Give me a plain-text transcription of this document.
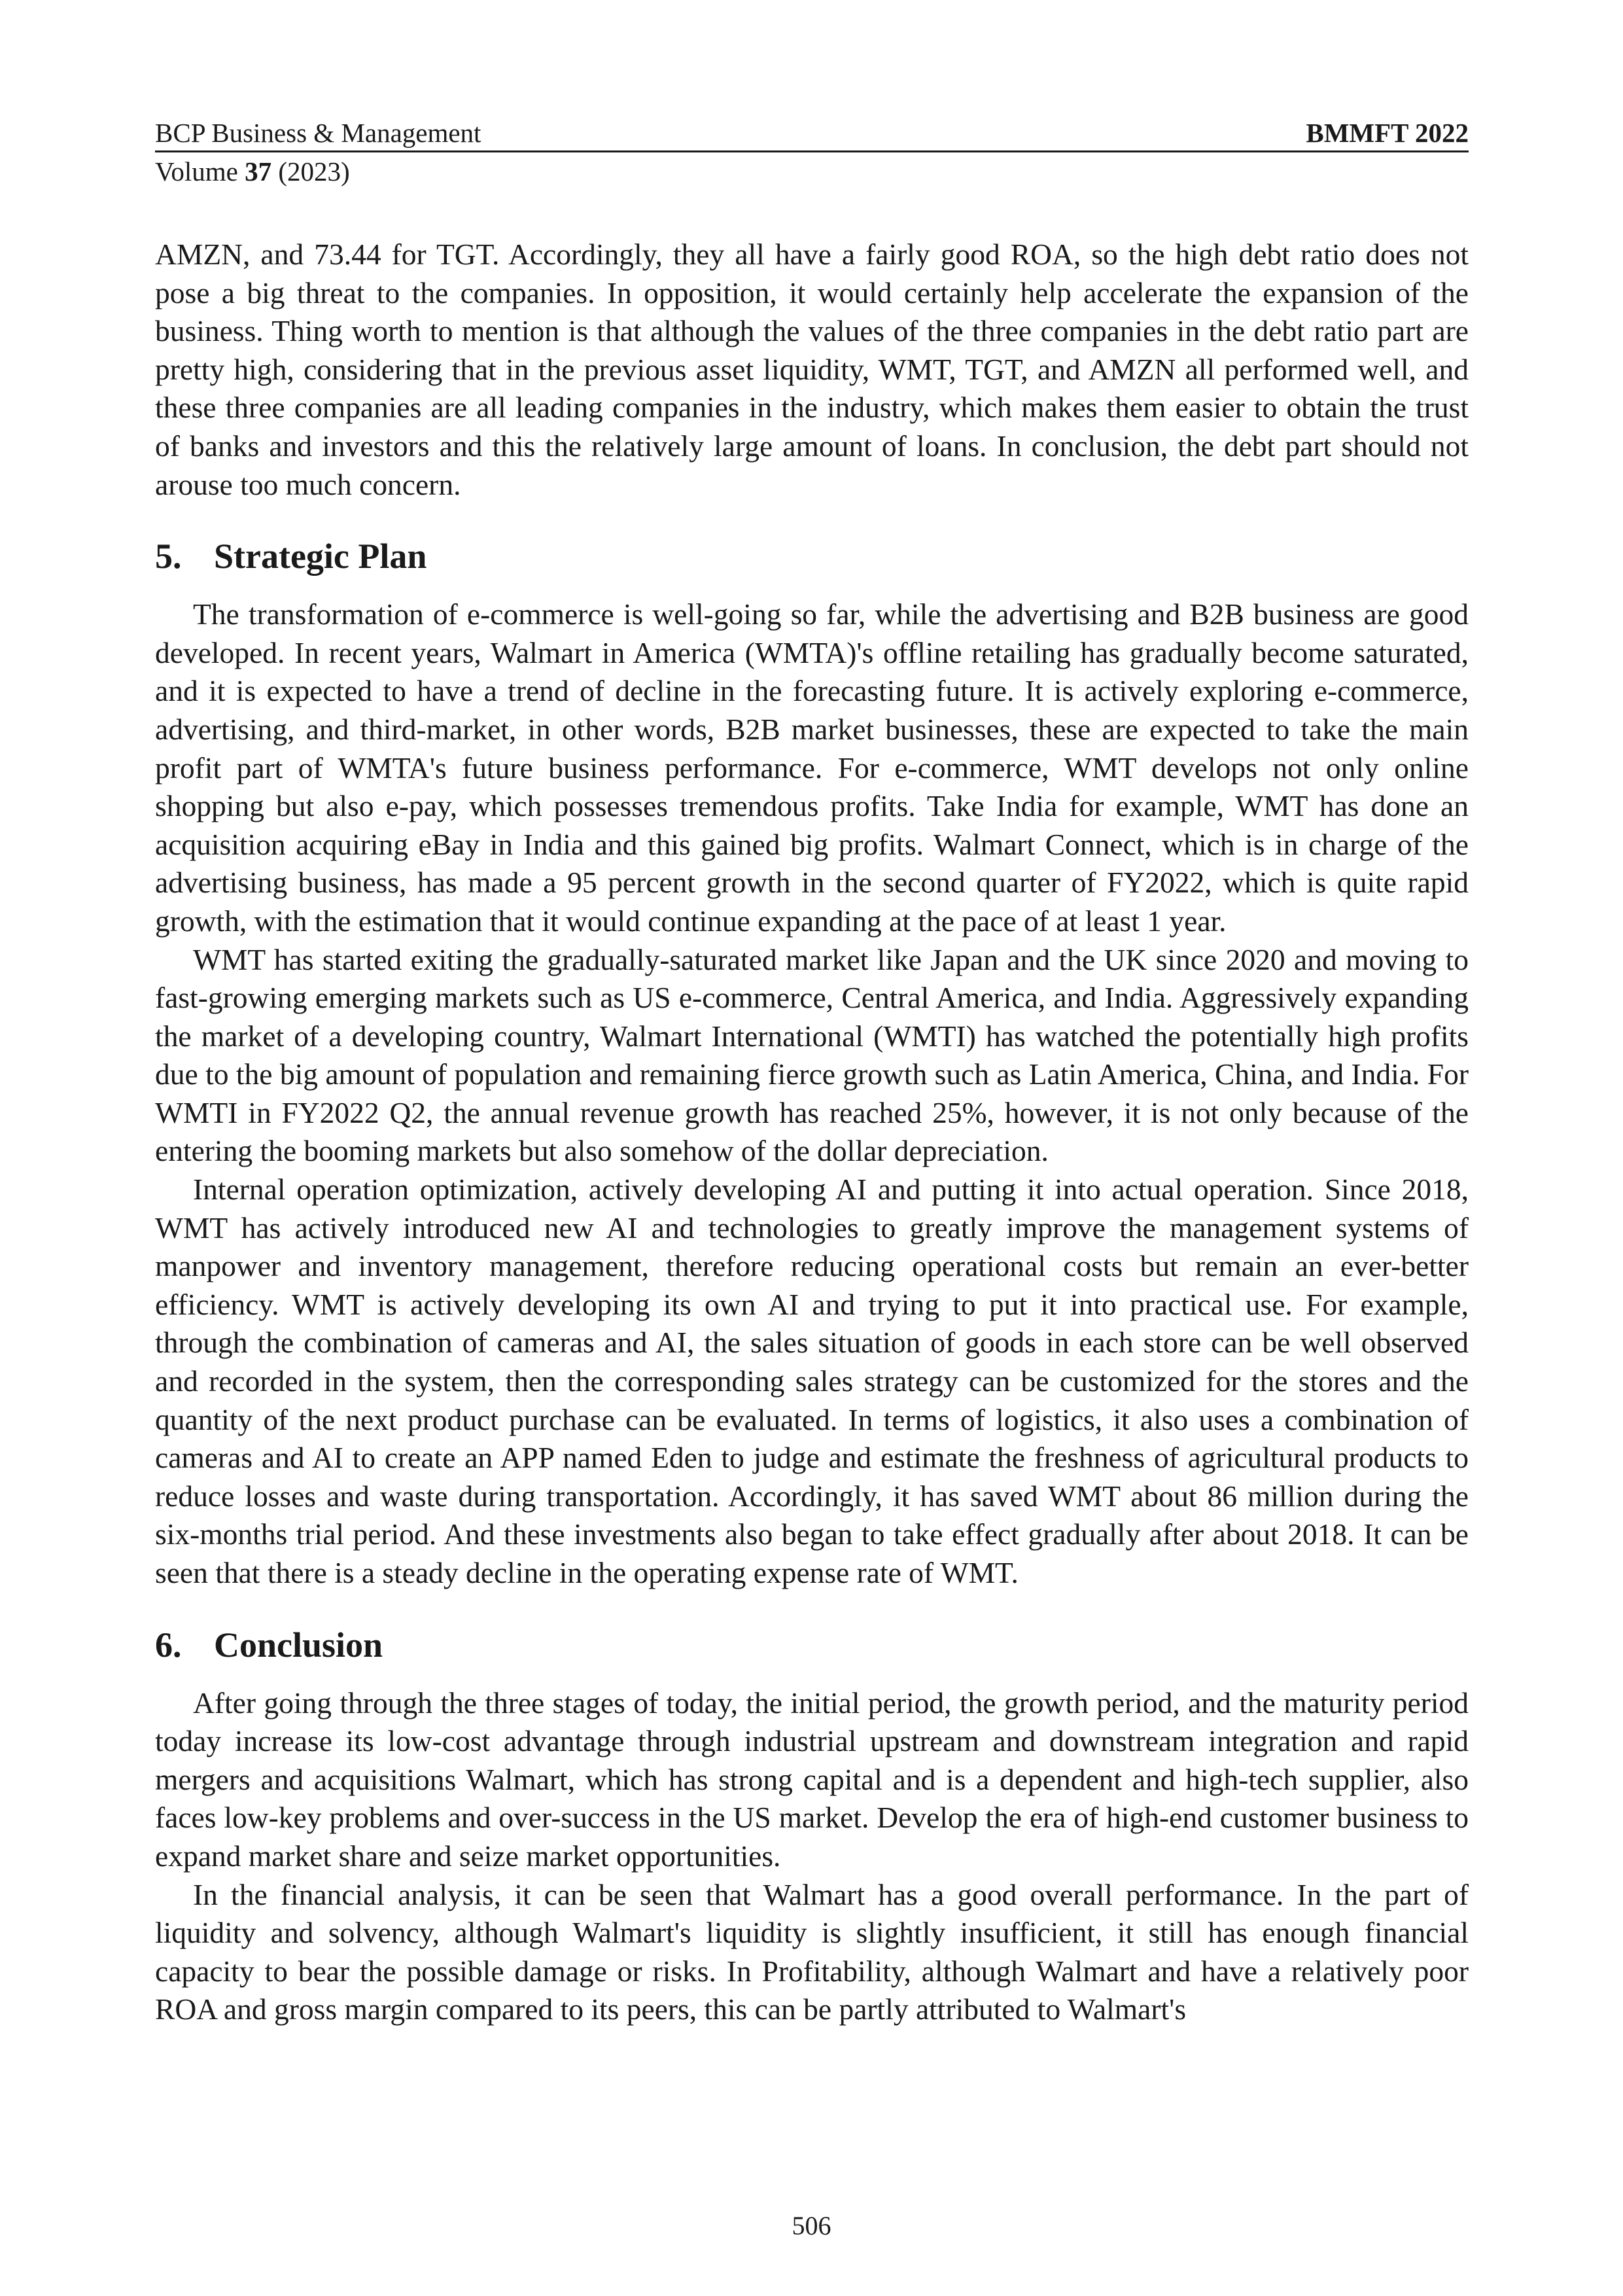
BCP Business & Management	BMMFT 2022
Volume 37 (2023)

AMZN, and 73.44 for TGT. Accordingly, they all have a fairly good ROA, so the high debt ratio does not pose a big threat to the companies. In opposition, it would certainly help accelerate the expansion of the business. Thing worth to mention is that although the values of the three companies in the debt ratio part are pretty high, considering that in the previous asset liquidity, WMT, TGT, and AMZN all performed well, and these three companies are all leading companies in the industry, which makes them easier to obtain the trust of banks and investors and this the relatively large amount of loans. In conclusion, the debt part should not arouse too much concern.

5. Strategic Plan

The transformation of e-commerce is well-going so far, while the advertising and B2B business are good developed. In recent years, Walmart in America (WMTA)'s offline retailing has gradually become saturated, and it is expected to have a trend of decline in the forecasting future. It is actively exploring e-commerce, advertising, and third-market, in other words, B2B market businesses, these are expected to take the main profit part of WMTA's future business performance. For e-commerce, WMT develops not only online shopping but also e-pay, which possesses tremendous profits. Take India for example, WMT has done an acquisition acquiring eBay in India and this gained big profits. Walmart Connect, which is in charge of the advertising business, has made a 95 percent growth in the second quarter of FY2022, which is quite rapid growth, with the estimation that it would continue expanding at the pace of at least 1 year.

WMT has started exiting the gradually-saturated market like Japan and the UK since 2020 and moving to fast-growing emerging markets such as US e-commerce, Central America, and India. Aggressively expanding the market of a developing country, Walmart International (WMTI) has watched the potentially high profits due to the big amount of population and remaining fierce growth such as Latin America, China, and India. For WMTI in FY2022 Q2, the annual revenue growth has reached 25%, however, it is not only because of the entering the booming markets but also somehow of the dollar depreciation.

Internal operation optimization, actively developing AI and putting it into actual operation. Since 2018, WMT has actively introduced new AI and technologies to greatly improve the management systems of manpower and inventory management, therefore reducing operational costs but remain an ever-better efficiency. WMT is actively developing its own AI and trying to put it into practical use. For example, through the combination of cameras and AI, the sales situation of goods in each store can be well observed and recorded in the system, then the corresponding sales strategy can be customized for the stores and the quantity of the next product purchase can be evaluated. In terms of logistics, it also uses a combination of cameras and AI to create an APP named Eden to judge and estimate the freshness of agricultural products to reduce losses and waste during transportation. Accordingly, it has saved WMT about 86 million during the six-months trial period. And these investments also began to take effect gradually after about 2018. It can be seen that there is a steady decline in the operating expense rate of WMT.

6. Conclusion

After going through the three stages of today, the initial period, the growth period, and the maturity period today increase its low-cost advantage through industrial upstream and downstream integration and rapid mergers and acquisitions Walmart, which has strong capital and is a dependent and high-tech supplier, also faces low-key problems and over-success in the US market. Develop the era of high-end customer business to expand market share and seize market opportunities.

In the financial analysis, it can be seen that Walmart has a good overall performance. In the part of liquidity and solvency, although Walmart's liquidity is slightly insufficient, it still has enough financial capacity to bear the possible damage or risks. In Profitability, although Walmart and have a relatively poor ROA and gross margin compared to its peers, this can be partly attributed to Walmart's

506
